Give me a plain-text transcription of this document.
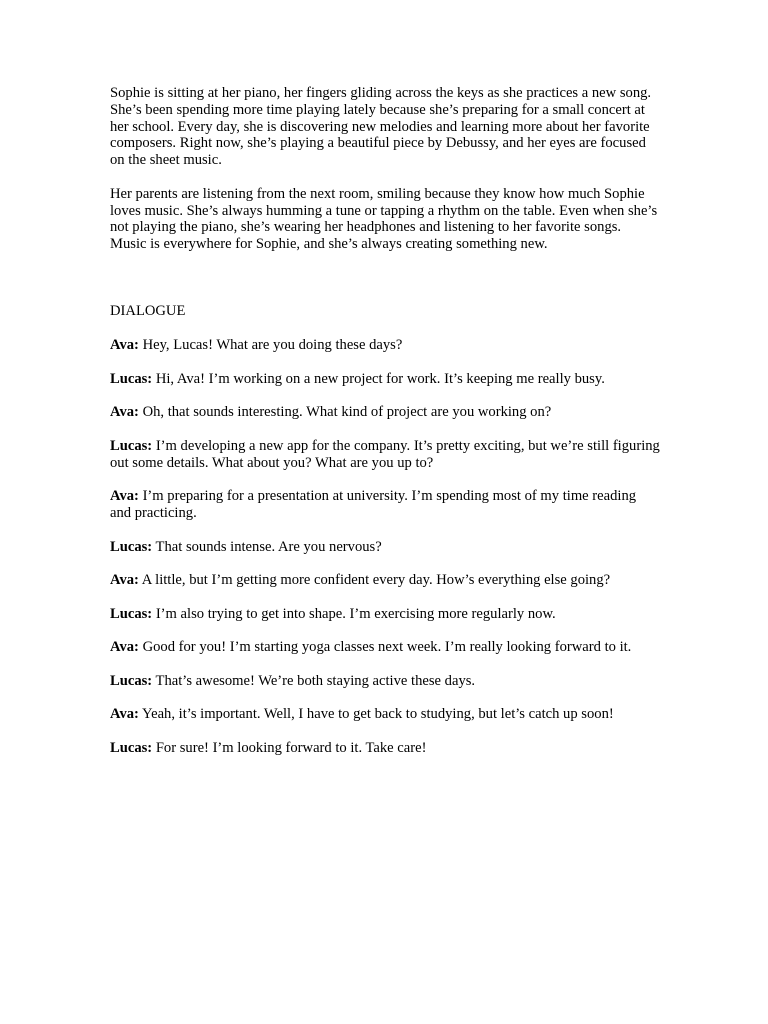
Sophie is sitting at her piano, her fingers gliding across the keys as she practices a new song. She’s been spending more time playing lately because she’s preparing for a small concert at her school. Every day, she is discovering new melodies and learning more about her favorite composers. Right now, she’s playing a beautiful piece by Debussy, and her eyes are focused on the sheet music.

Her parents are listening from the next room, smiling because they know how much Sophie loves music. She’s always humming a tune or tapping a rhythm on the table. Even when she’s not playing the piano, she’s wearing her headphones and listening to her favorite songs. Music is everywhere for Sophie, and she’s always creating something new.

DIALOGUE

Ava: Hey, Lucas! What are you doing these days?

Lucas: Hi, Ava! I’m working on a new project for work. It’s keeping me really busy.

Ava: Oh, that sounds interesting. What kind of project are you working on?

Lucas: I’m developing a new app for the company. It’s pretty exciting, but we’re still figuring out some details. What about you? What are you up to?

Ava: I’m preparing for a presentation at university. I’m spending most of my time reading and practicing.

Lucas: That sounds intense. Are you nervous?

Ava: A little, but I’m getting more confident every day. How’s everything else going?

Lucas: I’m also trying to get into shape. I’m exercising more regularly now.

Ava: Good for you! I’m starting yoga classes next week. I’m really looking forward to it.

Lucas: That’s awesome! We’re both staying active these days.

Ava: Yeah, it’s important. Well, I have to get back to studying, but let’s catch up soon!

Lucas: For sure! I’m looking forward to it. Take care!
